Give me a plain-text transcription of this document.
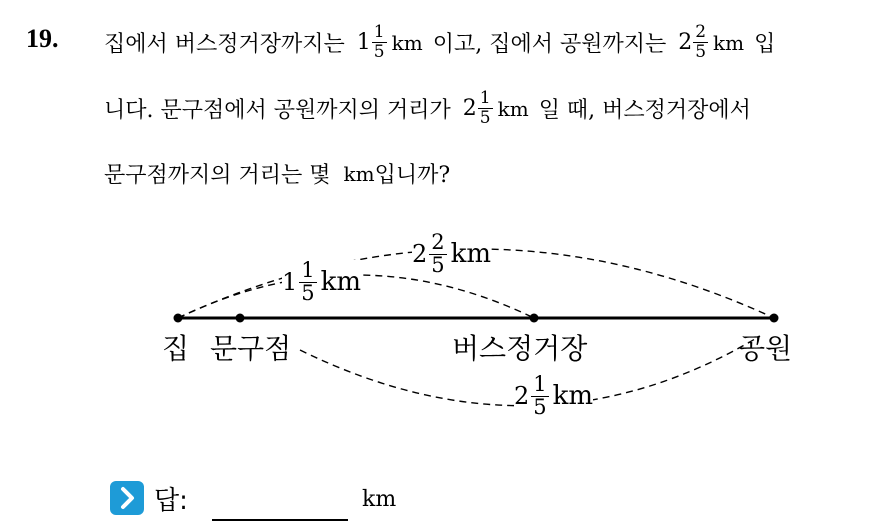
19. 집에서 버스정거장까지는 $1 \frac{1}{5}$ km 이고, 집에서 공원까지는 $2 \frac{2}{5}$ km 입
니다. 문구점에서 공원까지의 거리가 $2 \frac{1}{5}$ km 일 때, 버스정거장에서
문구점까지의 거리는 몇 km 입니까?
$2 \frac{2}{5}$ km
$1 \frac{1}{5}$ km
$2 \frac{1}{5}$ km
집 문구점	버스정거장	공원
답:	km
